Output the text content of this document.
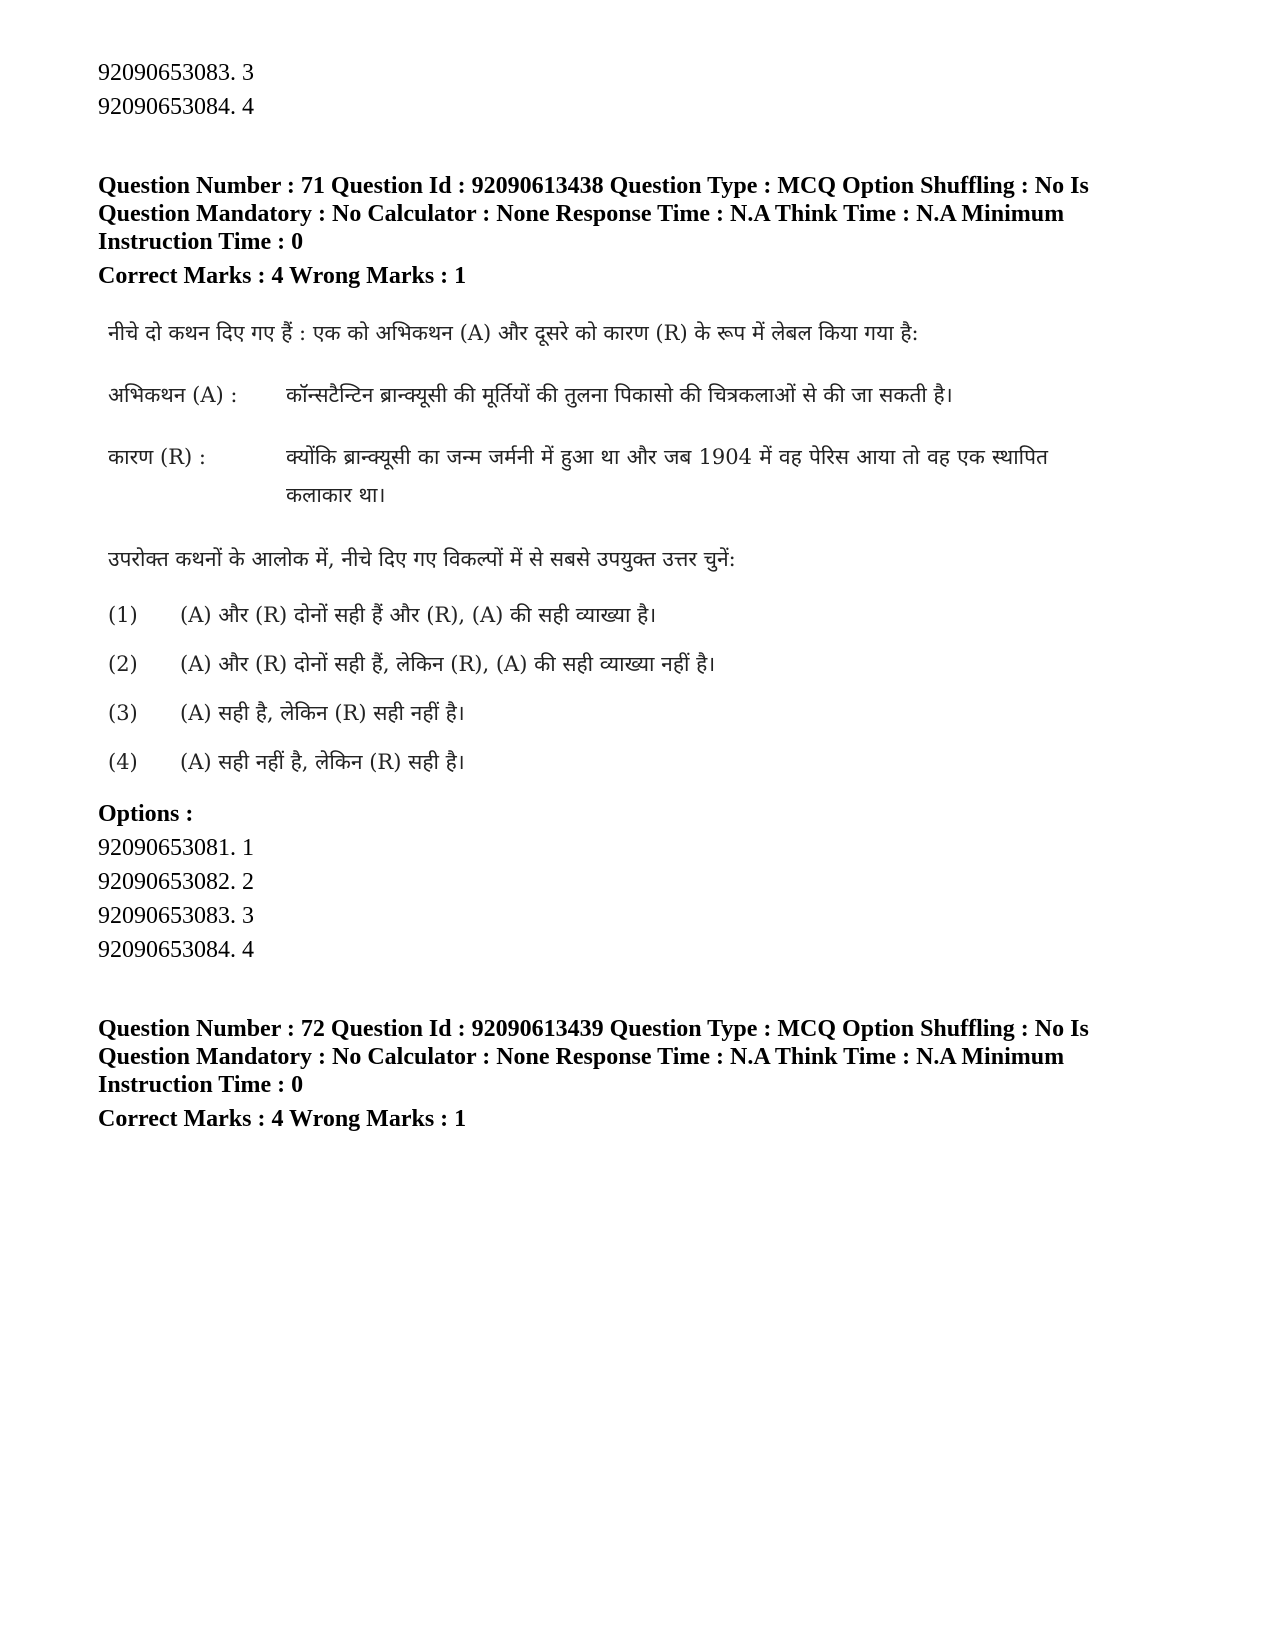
92090653083. 3

92090653084. 4

Question Number : 71 Question Id : 92090613438 Question Type : MCQ Option Shuffling : No Is Question Mandatory : No Calculator : None Response Time : N.A Think Time : N.A Minimum Instruction Time : 0

Correct Marks : 4 Wrong Marks : 1

नीचे दो कथन दिए गए हैं : एक को अभिकथन (A) और दूसरे को कारण (R) के रूप में लेबल किया गया है:

अभिकथन (A) :	कॉन्सटैन्टिन ब्रान्क्यूसी की मूर्तियों की तुलना पिकासो की चित्रकलाओं से की जा सकती है।
कारण (R) :	क्योंकि ब्रान्क्यूसी का जन्म जर्मनी में हुआ था और जब 1904 में वह पेरिस आया तो वह एक स्थापित कलाकार था।
उपरोक्त कथनों के आलोक में, नीचे दिए गए विकल्पों में से सबसे उपयुक्त उत्तर चुनें:
(1)	(A) और (R) दोनों सही हैं और (R), (A) की सही व्याख्या है।
(2)	(A) और (R) दोनों सही हैं, लेकिन (R), (A) की सही व्याख्या नहीं है।
(3)	(A) सही है, लेकिन (R) सही नहीं है।
(4)	(A) सही नहीं है, लेकिन (R) सही है।

Options :

92090653081. 1

92090653082. 2

92090653083. 3

92090653084. 4

Question Number : 72 Question Id : 92090613439 Question Type : MCQ Option Shuffling : No Is Question Mandatory : No Calculator : None Response Time : N.A Think Time : N.A Minimum Instruction Time : 0

Correct Marks : 4 Wrong Marks : 1
